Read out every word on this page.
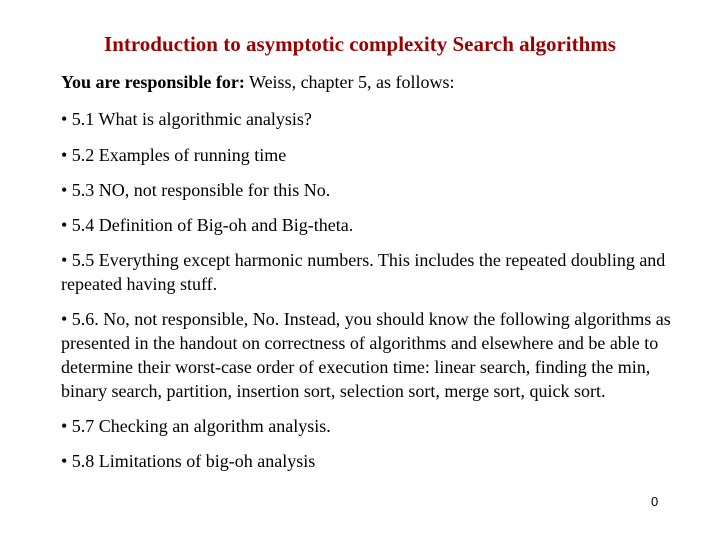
Introduction to asymptotic complexity Search algorithms
You are responsible for: Weiss, chapter 5, as follows:
• 5.1 What is algorithmic analysis?
• 5.2 Examples of running time
• 5.3 NO, not responsible for this No.
• 5.4 Definition of Big-oh and Big-theta.
• 5.5 Everything except harmonic numbers. This includes the repeated doubling and repeated having stuff.
• 5.6. No, not responsible, No. Instead, you should know the following algorithms as presented in the handout on correctness of algorithms and elsewhere and be able to determine their worst-case order of execution time: linear search, finding the min, binary search, partition, insertion sort, selection sort, merge sort, quick sort.
• 5.7 Checking an algorithm analysis.
• 5.8 Limitations of big-oh analysis
0
